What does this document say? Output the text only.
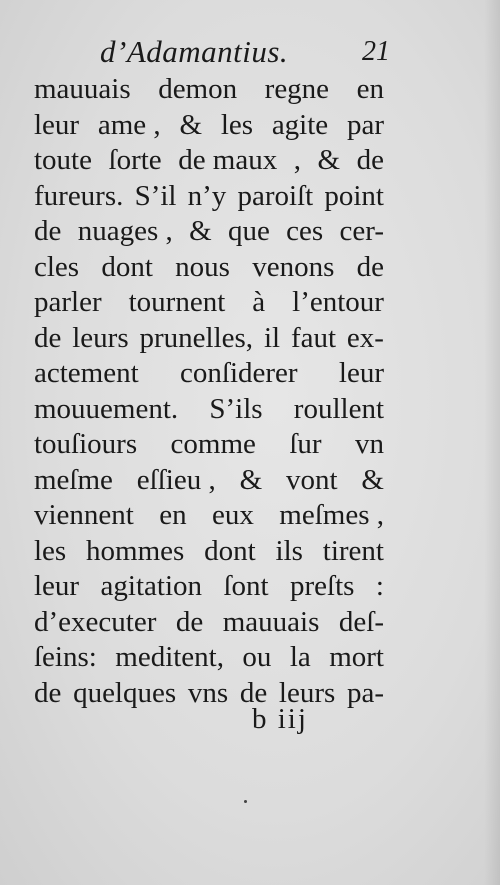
d’Adamantius.	21
mauuais demon regne en
leur ame , & les agite par
toute ſorte de maux , & de
fureurs. S’il n’y paroiſt point
de nuages , & que ces cer-
cles dont nous venons de
parler tournent à l’entour
de leurs prunelles, il faut ex-
actement conſiderer leur
mouuement. S’ils roullent
touſiours comme ſur vn
meſme eſſieu , & vont &
viennent en eux meſmes ,
les hommes dont ils tirent
leur agitation ſont preſts :
d’executer de mauuais deſ-
ſeins: meditent, ou la mort
de quelques vns de leurs pa-
b iij
